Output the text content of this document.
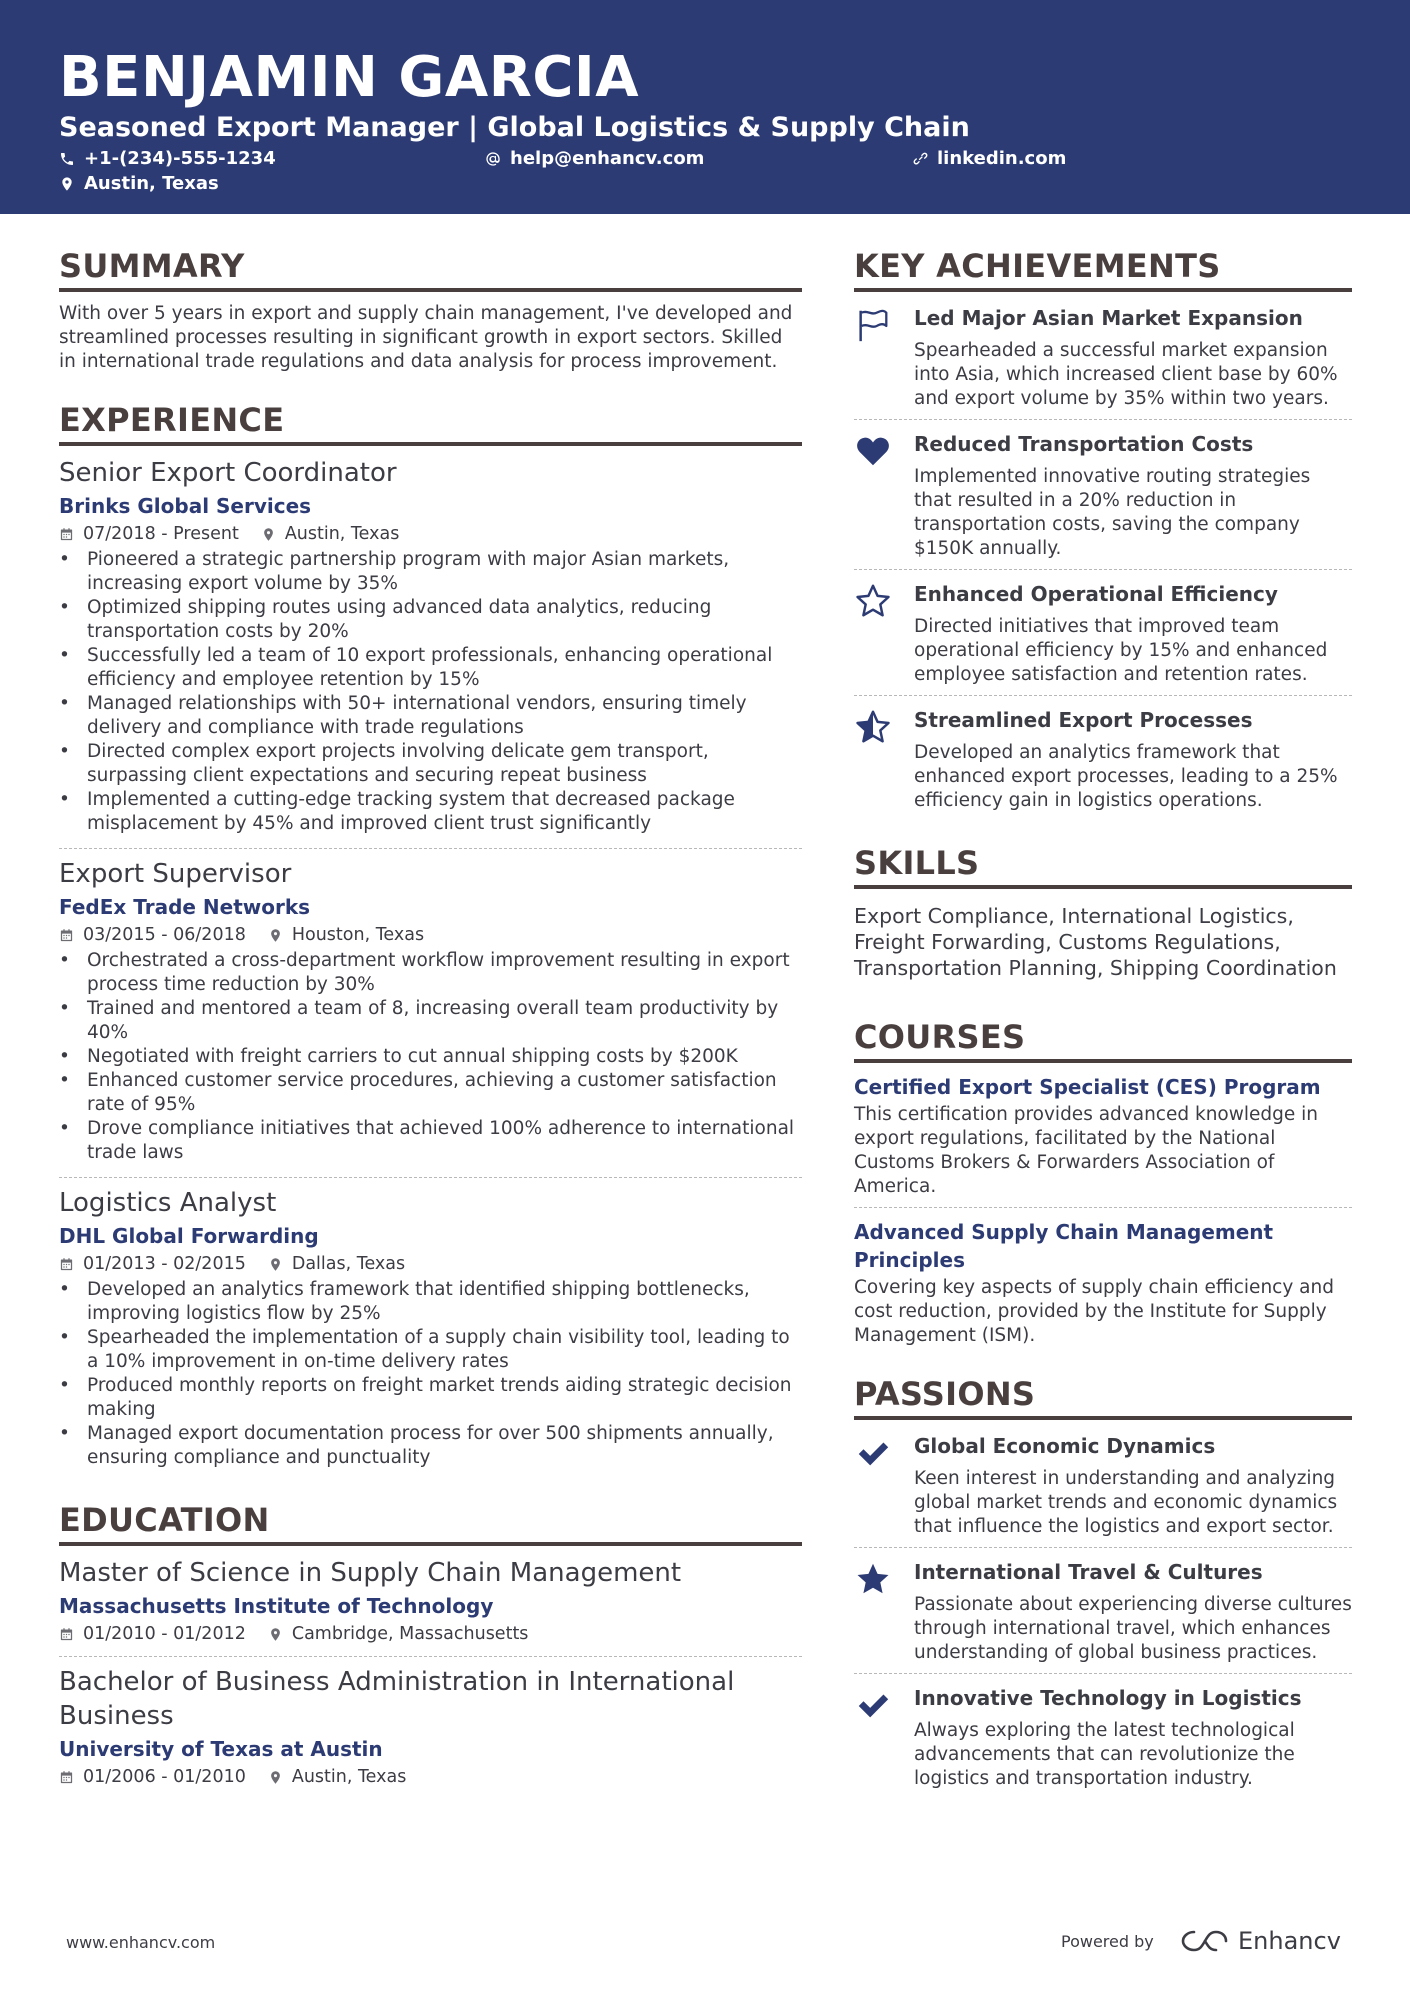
BENJAMIN GARCIA
Seasoned Export Manager | Global Logistics & Supply Chain
+1-(234)-555-1234	help@enhancv.com	linkedin.com
Austin, Texas
SUMMARY
With over 5 years in export and supply chain management, I've developed and streamlined processes resulting in significant growth in export sectors. Skilled in international trade regulations and data analysis for process improvement.
EXPERIENCE
Senior Export Coordinator
Brinks Global Services
07/2018 - Present	Austin, Texas
• Pioneered a strategic partnership program with major Asian markets, increasing export volume by 35%
• Optimized shipping routes using advanced data analytics, reducing transportation costs by 20%
• Successfully led a team of 10 export professionals, enhancing operational efficiency and employee retention by 15%
• Managed relationships with 50+ international vendors, ensuring timely delivery and compliance with trade regulations
• Directed complex export projects involving delicate gem transport, surpassing client expectations and securing repeat business
• Implemented a cutting-edge tracking system that decreased package misplacement by 45% and improved client trust significantly
Export Supervisor
FedEx Trade Networks
03/2015 - 06/2018	Houston, Texas
• Orchestrated a cross-department workflow improvement resulting in export process time reduction by 30%
• Trained and mentored a team of 8, increasing overall team productivity by 40%
• Negotiated with freight carriers to cut annual shipping costs by $200K
• Enhanced customer service procedures, achieving a customer satisfaction rate of 95%
• Drove compliance initiatives that achieved 100% adherence to international trade laws
Logistics Analyst
DHL Global Forwarding
01/2013 - 02/2015	Dallas, Texas
• Developed an analytics framework that identified shipping bottlenecks, improving logistics flow by 25%
• Spearheaded the implementation of a supply chain visibility tool, leading to a 10% improvement in on-time delivery rates
• Produced monthly reports on freight market trends aiding strategic decision making
• Managed export documentation process for over 500 shipments annually, ensuring compliance and punctuality
EDUCATION
Master of Science in Supply Chain Management
Massachusetts Institute of Technology
01/2010 - 01/2012	Cambridge, Massachusetts
Bachelor of Business Administration in International Business
University of Texas at Austin
01/2006 - 01/2010	Austin, Texas
KEY ACHIEVEMENTS
Led Major Asian Market Expansion
Spearheaded a successful market expansion into Asia, which increased client base by 60% and export volume by 35% within two years.
Reduced Transportation Costs
Implemented innovative routing strategies that resulted in a 20% reduction in transportation costs, saving the company $150K annually.
Enhanced Operational Efficiency
Directed initiatives that improved team operational efficiency by 15% and enhanced employee satisfaction and retention rates.
Streamlined Export Processes
Developed an analytics framework that enhanced export processes, leading to a 25% efficiency gain in logistics operations.
SKILLS
Export Compliance, International Logistics, Freight Forwarding, Customs Regulations, Transportation Planning, Shipping Coordination
COURSES
Certified Export Specialist (CES) Program
This certification provides advanced knowledge in export regulations, facilitated by the National Customs Brokers & Forwarders Association of America.
Advanced Supply Chain Management Principles
Covering key aspects of supply chain efficiency and cost reduction, provided by the Institute for Supply Management (ISM).
PASSIONS
Global Economic Dynamics
Keen interest in understanding and analyzing global market trends and economic dynamics that influence the logistics and export sector.
International Travel & Cultures
Passionate about experiencing diverse cultures through international travel, which enhances understanding of global business practices.
Innovative Technology in Logistics
Always exploring the latest technological advancements that can revolutionize the logistics and transportation industry.
www.enhancv.com	Powered by	Enhancv
